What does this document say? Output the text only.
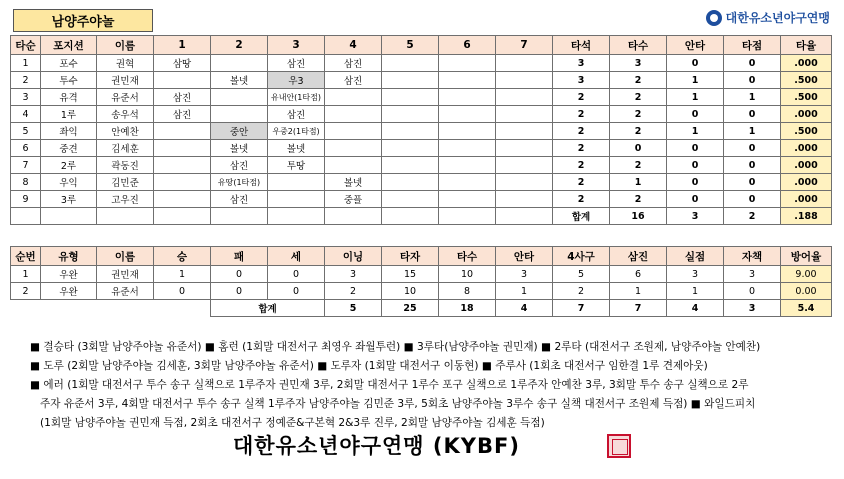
남양주야놀	대한유소년야구연맹
타순	포지션	이름	1	2	3	4	5	6	7	타석	타수	안타	타점	타율
1	포수	권혁	삼땅		삼진	삼진				3	3	0	0	.000
2	투수	권민재		볼넷	우3	삼진				3	2	1	0	.500
3	유격	유준서	삼진		유내안(1타점)					2	2	1	1	.500
4	1루	송우석	삼진		삼진					2	2	0	0	.000
5	좌익	안예찬		중안	우중2(1타점)					2	2	1	1	.500
6	중견	김세훈		볼넷	볼넷					2	0	0	0	.000
7	2루	곽동진		삼진	투땅					2	2	0	0	.000
8	우익	김민준		유땅(1타점)		볼넷				2	1	0	0	.000
9	3루	고우진		삼진		중플				2	2	0	0	.000
										합계	16	3	2	.188
순번	유형	이름	승	패	세	이닝	타자	타수	안타	4사구	삼진	실점	자책	방어율
1	우완	권민재	1	0	0	3	15	10	3	5	6	3	3	9.00
2	우완	유준서	0	0	0	2	10	8	1	2	1	1	0	0.00
				합계		5	25	18	4	7	7	4	3	5.4
■ 결승타 (3회말 남양주야놀 유준서) ■ 홈런 (1회말 대전서구 최영우 좌월투런) ■ 3루타(남양주야놀 권민재) ■ 2루타 (대전서구 조원제, 남양주야놀 안예찬)
■ 도루 (2회말 남양주야놀 김세훈, 3회말 남양주야놀 유준서) ■ 도루자 (1회말 대전서구 이동현) ■ 주루사 (1회초 대전서구 임한결 1루 견제아웃)
■ 에러 (1회말 대전서구 투수 송구 실책으로 1루주자 권민재 3루, 2회말 대전서구 1루수 포구 실책으로 1루주자 안예찬 3루, 3회말 투수 송구 실책으로 2루
주자 유준서 3루, 4회말 대전서구 투수 송구 실책 1루주자 남양주야놀 김민준 3루, 5회초 남양주야놀 3루수 송구 실책 대전서구 조원제 득점) ■ 와일드피치
(1회말 남양주야놀 권민재 득점, 2회초 대전서구 정예준&구본혁 2&3루 진루, 2회말 남양주야놀 김세훈 득점)
대한유소년야구연맹 (KYBF)
